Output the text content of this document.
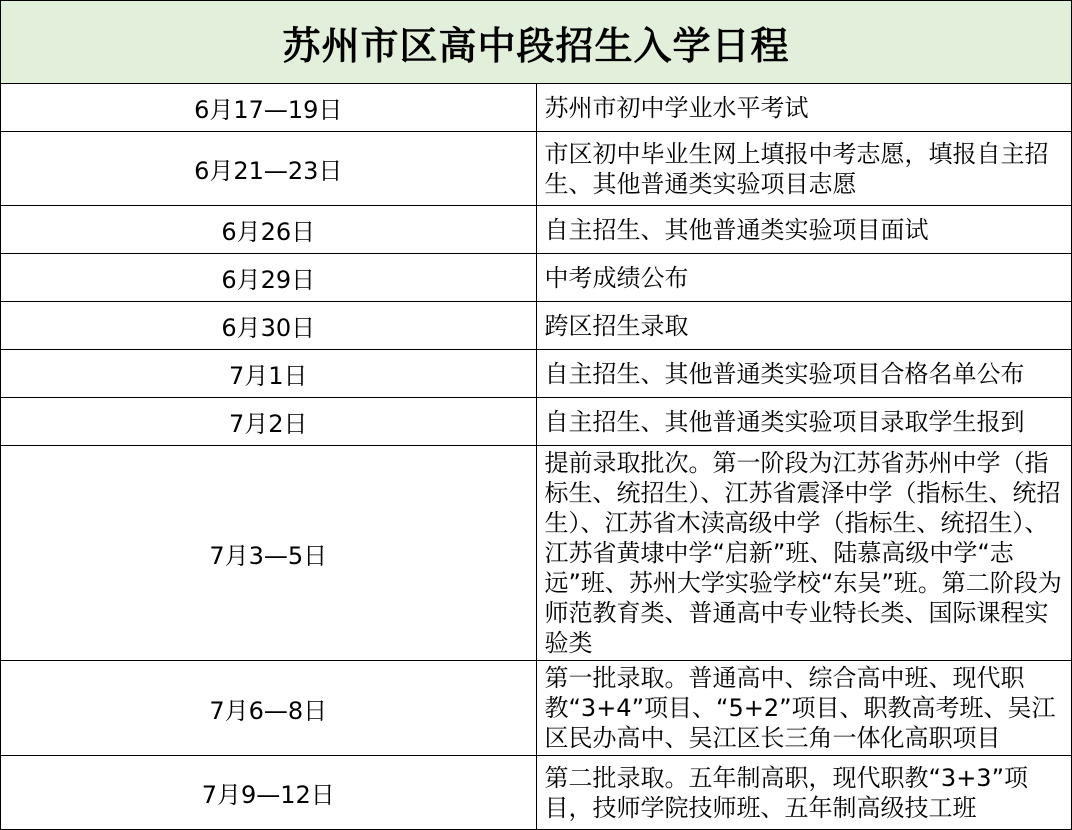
苏州市区高中段招生入学日程	
6月17—19日	苏州市初中学业水平考试
6月21—23日	市区初中毕业生网上填报中考志愿，填报自主招生、其他普通类实验项目志愿
6月26日	自主招生、其他普通类实验项目面试
6月29日	中考成绩公布
6月30日	跨区招生录取
7月1日	自主招生、其他普通类实验项目合格名单公布
7月2日	自主招生、其他普通类实验项目录取学生报到
7月3—5日	提前录取批次。第一阶段为江苏省苏州中学（指标生、统招生）、江苏省震泽中学（指标生、统招生）、江苏省木渎高级中学（指标生、统招生）、江苏省黄埭中学“启新”班、陆慕高级中学“志远”班、苏州大学实验学校“东吴”班。第二阶段为师范教育类、普通高中专业特长类、国际课程实验类
7月6—8日	第一批录取。普通高中、综合高中班、现代职教“3+4”项目、“5+2”项目、职教高考班、吴江区民办高中、吴江区长三角一体化高职项目
7月9—12日	第二批录取。五年制高职，现代职教“3+3”项目，技师学院技师班、五年制高级技工班
